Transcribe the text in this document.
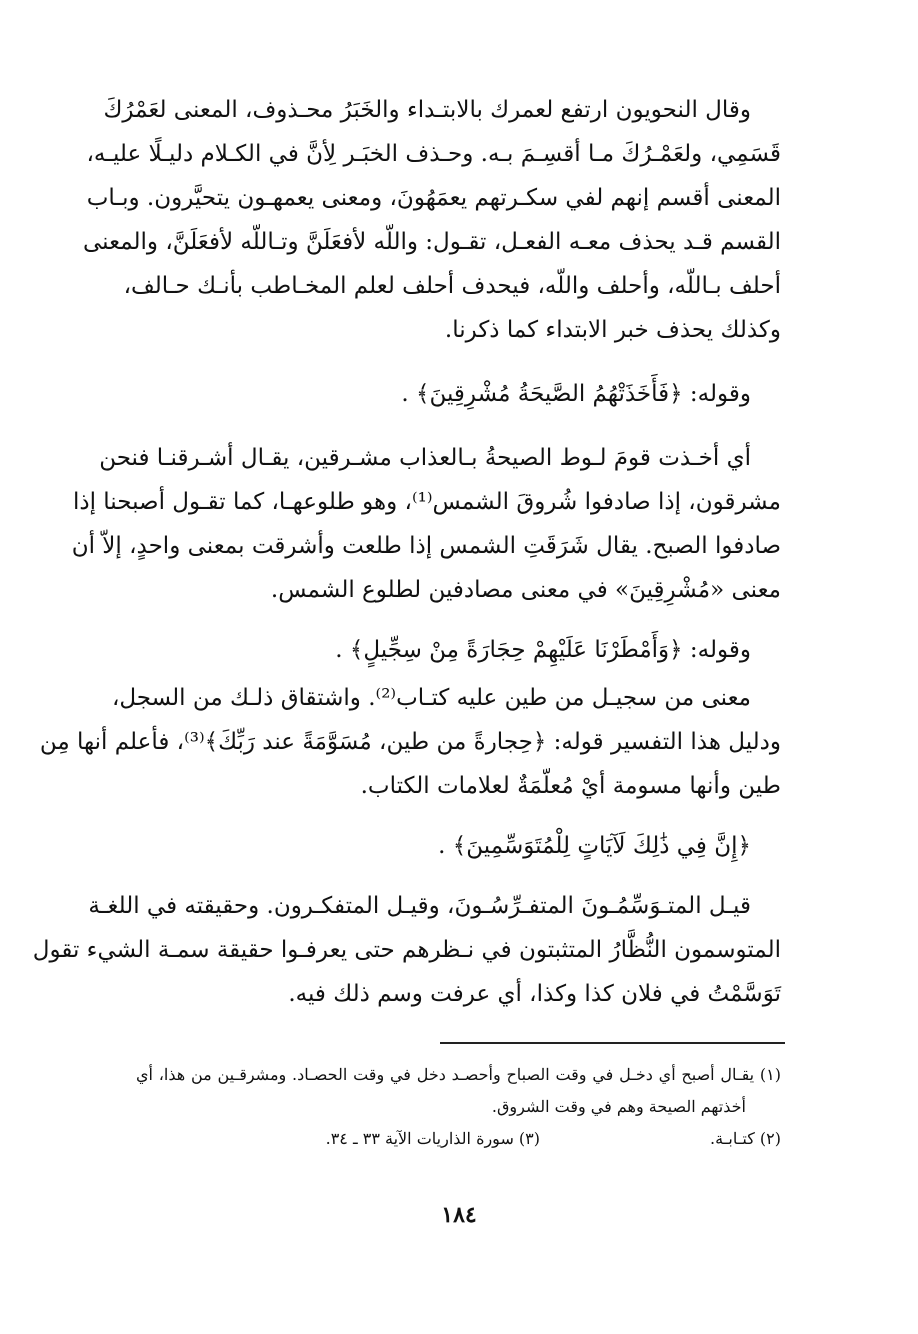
وقال النحويون ارتفع لعمرك بالابتـداء والخَبَرُ محـذوف، المعنى لعَمْرُكَ
قَسَمِي، ولعَمْـرُكَ مـا أقسِـمَ بـه. وحـذف الخبَـر لِأنَّ في الكـلام دليـلًا عليـه،
المعنى أقسم إنهم لفي سكـرتهم يعمَهُونَ، ومعنى يعمهـون يتحيَّرون. وبـاب
القسم قـد يحذف معـه الفعـل، تقـول: واللّه لأفعَلَنَّ وتـاللّه لأفعَلَنَّ، والمعنى
أحلف بـاللّه، وأحلف واللّه، فيحدف أحلف لعلم المخـاطب بأنـك حـالف،
وكذلك يحذف خبر الابتداء كما ذكرنا.
وقوله: ﴿فَأَخَذَتْهُمُ الصَّيحَةُ مُشْرِقِينَ﴾ .
أي أخـذت قومَ لـوط الصيحةُ بـالعذاب مشـرقين، يقـال أشـرقنـا فنحن
مشرقون، إذا صادفوا شُروقَ الشمس⁽¹⁾، وهو طلوعهـا، كما تقـول أصبحنا إذا
صادفوا الصبح. يقال شَرَقَتِ الشمس إذا طلعت وأشرقت بمعنى واحدٍ، إلاّ أن
معنى «مُشْرِقِينَ» في معنى مصادفين لطلوع الشمس.
وقوله: ﴿وَأَمْطَرْنَا عَلَيْهِمْ حِجَارَةً مِنْ سِجِّيلٍ﴾ .
معنى من سجيـل من طين عليه كتـاب⁽²⁾. واشتقاق ذلـك من السجل،
ودليل هذا التفسير قوله: ﴿حِجارةً من طين، مُسَوَّمَةً عند رَبِّكَ﴾⁽³⁾، فأعلم أنها مِن
طين وأنها مسومة أيْ مُعلّمَةٌ لعلامات الكتاب.
﴿إِنَّ فِي ذَٰلِكَ لَآيَاتٍ لِلْمُتَوَسِّمِينَ﴾ .
قيـل المتـوَسِّمُـونَ المتفـرِّسُـونَ، وقيـل المتفكـرون. وحقيقته في اللغـة
المتوسمون النُّظَّارُ المتثبتون في نـظرهم حتى يعرفـوا حقيقة سمـة الشيء تقول
تَوَسَّمْتُ في فلان كذا وكذا، أي عرفت وسم ذلك فيه.
(١) يقـال أصبح أي دخـل في وقت الصباح وأحصـد دخل في وقت الحصـاد. ومشرقـين من هذا، أي
أخذتهم الصيحة وهم في وقت الشروق.
(٢) كتـابـة.
(٣) سورة الذاريات الآية ٣٣ ـ ٣٤.
١٨٤
